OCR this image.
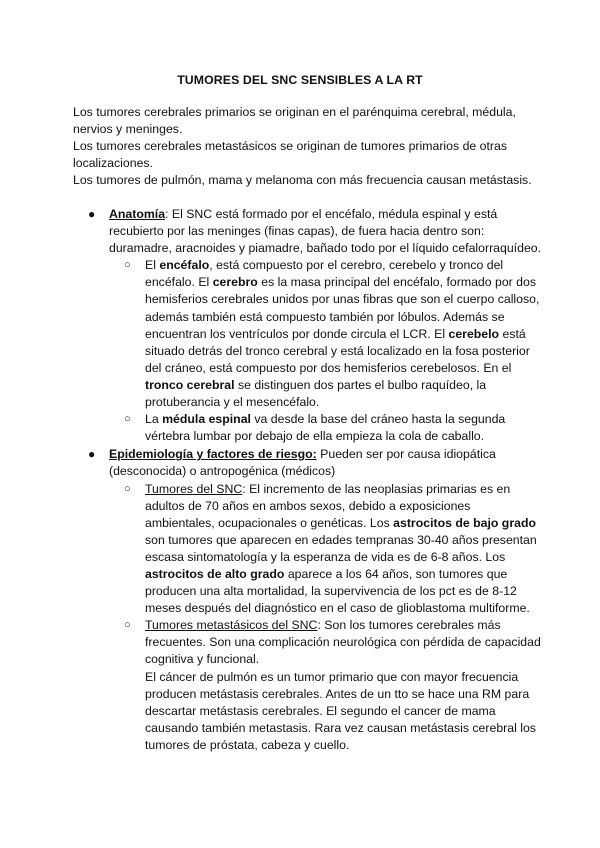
TUMORES DEL SNC SENSIBLES A LA RT

Los tumores cerebrales primarios se originan en el parénquima cerebral, médula, nervios y meninges.

Los tumores cerebrales metastásicos se originan de tumores primarios de otras localizaciones.

Los tumores de pulmón, mama y melanoma con más frecuencia causan metástasis.

● Anatomía: El SNC está formado por el encéfalo, médula espinal y está recubierto por las meninges (finas capas), de fuera hacia dentro son: duramadre, aracnoides y piamadre, bañado todo por el líquido cefalorraquídeo.
○ El encéfalo, está compuesto por el cerebro, cerebelo y tronco del encéfalo. El cerebro es la masa principal del encéfalo, formado por dos hemisferios cerebrales unidos por unas fibras que son el cuerpo calloso, además también está compuesto también por lóbulos. Además se encuentran los ventrículos por donde circula el LCR. El cerebelo está situado detrás del tronco cerebral y está localizado en la fosa posterior del cráneo, está compuesto por dos hemisferios cerebelosos. En el tronco cerebral se distinguen dos partes el bulbo raquídeo, la protuberancia y el mesencéfalo.
○ La médula espinal va desde la base del cráneo hasta la segunda vértebra lumbar por debajo de ella empieza la cola de caballo.
● Epidemiología y factores de riesgo: Pueden ser por causa idiopática (desconocida) o antropogénica (médicos)
○ Tumores del SNC: El incremento de las neoplasias primarias es en adultos de 70 años en ambos sexos, debido a exposiciones ambientales, ocupacionales o genéticas. Los astrocitos de bajo grado son tumores que aparecen en edades tempranas 30-40 años presentan escasa sintomatología y la esperanza de vida es de 6-8 años. Los astrocitos de alto grado aparece a los 64 años, son tumores que producen una alta mortalidad, la supervivencia de los pct es de 8-12 meses después del diagnóstico en el caso de glioblastoma multiforme.
○ Tumores metastásicos del SNC: Son los tumores cerebrales más frecuentes. Son una complicación neurológica con pérdida de capacidad cognitiva y funcional.
El cáncer de pulmón es un tumor primario que con mayor frecuencia producen metástasis cerebrales. Antes de un tto se hace una RM para descartar metástasis cerebrales. El segundo el cancer de mama causando también metastasis. Rara vez causan metástasis cerebral los tumores de próstata, cabeza y cuello.
